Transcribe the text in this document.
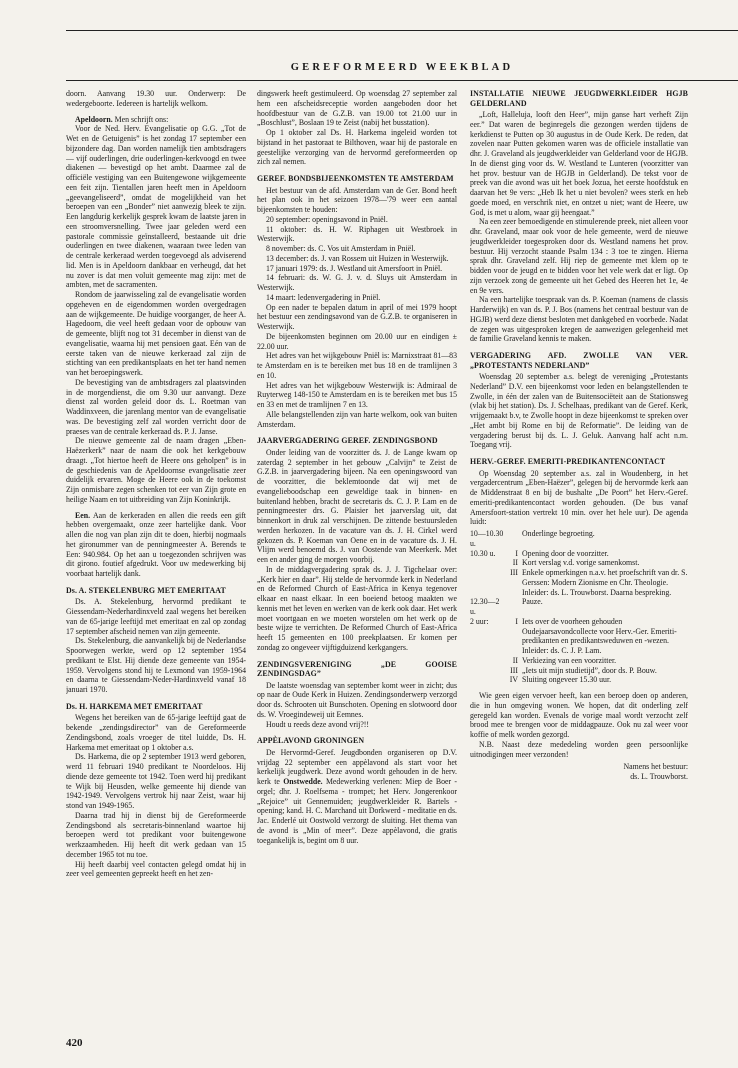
GEREFORMEERD WEEKBLAD

doorn. Aanvang 19.30 uur. Onderwerp: De wedergeboorte. Iedereen is hartelijk welkom.

Apeldoorn. Men schrijft ons:

Voor de Ned. Herv. Evangelisatie op G.G. „Tot de Wet en de Getuigenis” is het zondag 17 september een bijzondere dag. Dan worden namelijk tien ambtsdragers — vijf ouderlingen, drie ouderlingen-kerkvoogd en twee diakenen — bevestigd op het ambt. Daarmee zal de officiële vestiging van een Buitengewone wijkgemeente een feit zijn. Tientallen jaren heeft men in Apeldoorn „geevangeliseerd”, omdat de mogelijkheid van het beroepen van een „Bonder” niet aanwezig bleek te zijn. Een langdurig kerkelijk gesprek kwam de laatste jaren in een stroomversnelling. Twee jaar geleden werd een pastorale commissie geïnstalleerd, bestaande uit drie ouderlingen en twee diakenen, waaraan twee leden van de centrale kerkeraad werden toegevoegd als adviserend lid. Men is in Apeldoorn dankbaar en verheugd, dat het nu zover is dat men voluit gemeente mag zijn: met de ambten, met de sacramenten.

Rondom de jaarwisseling zal de evangelisatie worden opgeheven en de eigendommen worden overgedragen aan de wijkgemeente. De huidige voorganger, de heer A. Hagedoorn, die veel heeft gedaan voor de opbouw van de gemeente, blijft nog tot 31 december in dienst van de evangelisatie, waarna hij met pensioen gaat. Eén van de eerste taken van de nieuwe kerkeraad zal zijn de stichting van een predikantsplaats en het ter hand nemen van het beroepingswerk.

De bevestiging van de ambtsdragers zal plaatsvinden in de morgendienst, die om 9.30 uur aanvangt. Deze dienst zal worden geleid door ds. L. Roetman van Waddinxveen, die jarenlang mentor van de evangelisatie was. De bevestiging zelf zal worden verricht door de praeses van de centrale kerkeraad ds. P. J. Janse.

De nieuwe gemeente zal de naam dragen „Eben-Haëzerkerk” naar de naam die ook het kerkgebouw draagt. „Tot hiertoe heeft de Heere ons geholpen” is in de geschiedenis van de Apeldoornse evangelisatie zeer duidelijk ervaren. Moge de Heere ook in de toekomst Zijn onmisbare zegen schenken tot eer van Zijn grote en heilige Naam en tot uitbreiding van Zijn Koninkrijk.

Een. Aan de kerkeraden en allen die reeds een gift hebben overgemaakt, onze zeer hartelijke dank. Voor allen die nog van plan zijn dit te doen, hierbij nogmaals het gironummer van de penningmeester A. Berends te Een: 940.984. Op het aan u toegezonden schrijven was dit girono. foutief afgedrukt. Voor uw medewerking bij voorbaat hartelijk dank.

Ds. A. STEKELENBURG MET EMERITAAT

Ds. A. Stekelenburg, hervormd predikant te Giessendam-Nederhardinxveld zaal wegens het bereiken van de 65-jarige leeftijd met emeritaat en zal op zondag 17 september afscheid nemen van zijn gemeente.

Ds. Stekelenburg, die aanvankelijk bij de Nederlandse Spoorwegen werkte, werd op 12 september 1954 predikant te Elst. Hij diende deze gemeente van 1954-1959. Vervolgens stond hij te Lexmond van 1959-1964 en daarna te Giessendam-Neder-Hardinxveld vanaf 18 januari 1970.

Ds. H. HARKEMA MET EMERITAAT

Wegens het bereiken van de 65-jarige leeftijd gaat de bekende „zendingsdirector” van de Gereformeerde Zendingsbond, zoals vroeger de titel luidde, Ds. H. Harkema met emeritaat op 1 oktober a.s.

Ds. Harkema, die op 2 september 1913 werd geboren, werd 11 februari 1940 predikant te Noordeloos. Hij diende deze gemeente tot 1942. Toen werd hij predikant te Wijk bij Heusden, welke gemeente hij diende van 1942-1949. Vervolgens vertrok hij naar Zeist, waar hij stond van 1949-1965.

Daarna trad hij in dienst bij de Gereformeerde Zendingsbond als secretaris-binnenland waartoe hij beroepen werd tot predikant voor buitengewone werkzaamheden. Hij heeft dit werk gedaan van 15 december 1965 tot nu toe.

Hij heeft daarbij veel contacten gelegd omdat hij in zeer veel gemeenten gepreekt heeft en het zen-

dingswerk heeft gestimuleerd. Op woensdag 27 september zal hem een afscheidsreceptie worden aangeboden door het hoofdbestuur van de G.Z.B. van 19.00 tot 21.00 uur in „Boschlust”, Boslaan 19 te Zeist (nabij het busstation).

Op 1 oktober zal Ds. H. Harkema ingeleid worden tot bijstand in het pastoraat te Bilthoven, waar hij de pastorale en geestelijke verzorging van de hervormd gereformeerden op zich zal nemen.

GEREF. BONDSBIJEENKOMSTEN TE AMSTERDAM

Het bestuur van de afd. Amsterdam van de Ger. Bond heeft het plan ook in het seizoen 1978—'79 weer een aantal bijeenkomsten te houden:

20 september: openingsavond in Pniël.

11 oktober: ds. H. W. Riphagen uit Westbroek in Westerwijk.

8 november: ds. C. Vos uit Amsterdam in Pniël.

13 december: ds. J. van Rossem uit Huizen in Westerwijk.

17 januari 1979: ds. J. Westland uit Amersfoort in Pniël.

14 februari: ds. W. G. J. v. d. Sluys uit Amsterdam in Westerwijk.

14 maart: ledenvergadering in Pniël.

Op een nader te bepalen datum in april of mei 1979 hoopt het bestuur een zendingsavond van de G.Z.B. te organiseren in Westerwijk.

De bijeenkomsten beginnen om 20.00 uur en eindigen ± 22.00 uur.

Het adres van het wijkgebouw Pniël is: Marnixstraat 81—83 te Amsterdam en is te bereiken met bus 18 en de tramlijnen 3 en 10.

Het adres van het wijkgebouw Westerwijk is: Admiraal de Ruyterweg 148-150 te Amsterdam en is te bereiken met bus 15 en 33 en met de tramlijnen 7 en 13.

Alle belangstellenden zijn van harte welkom, ook van buiten Amsterdam.

JAARVERGADERING GEREF. ZENDINGSBOND

Onder leiding van de voorzitter ds. J. de Lange kwam op zaterdag 2 september in het gebouw „Calvijn” te Zeist de G.Z.B. in jaarvergadering bijeen. Na een openingswoord van de voorzitter, die beklemtoonde dat wij met de evangelieboodschap een geweldige taak in binnen- en buitenland hebben, bracht de secretaris ds. C. J. P. Lam en de penningmeester drs. G. Plaisier het jaarverslag uit, dat binnenkort in druk zal verschijnen. De zittende bestuursleden werden herkozen. In de vacature van ds. J. H. Cirkel werd gekozen ds. P. Koeman van Oene en in de vacature ds. J. H. Vlijm werd benoemd ds. J. van Oostende van Meerkerk. Met een en ander ging de morgen voorbij.

In de middagvergadering sprak ds. J. J. Tigchelaar over: „Kerk hier en daar”. Hij stelde de hervormde kerk in Nederland en de Reformed Church of East-Africa in Kenya tegenover elkaar en naast elkaar. In een boeiend betoog maakten we kennis met het leven en werken van de kerk ook daar. Het werk moet voortgaan en we moeten worstelen om het werk op de beste wijze te verrichten. De Reformed Church of East-Africa heeft 15 gemeenten en 100 preekplaatsen. Er komen per zondag zo ongeveer vijftigduizend kerkgangers.

ZENDINGSVERENIGING „DE GOOISE ZENDINGSDAG”

De laatste woensdag van september komt weer in zicht; dus op naar de Oude Kerk in Huizen. Zendingsonderwerp verzorgd door ds. Schrooten uit Bunschoten. Opening en slotwoord door ds. W. Vroegindeweij uit Eemnes.

Houdt u reeds deze avond vrij?!!

APPÈLAVOND GRONINGEN

De Hervormd-Geref. Jeugdbonden organiseren op D.V. vrijdag 22 september een appèlavond als start voor het kerkelijk jeugdwerk. Deze avond wordt gehouden in de herv. kerk te Onstwedde. Medewerking verlenen: Miep de Boer - orgel; dhr. J. Roelfsema - trompet; het Herv. Jongerenkoor „Rejoice” uit Gennemuiden; jeugdwerkleider R. Bartels - opening; kand. H. C. Marchand uit Dorkwerd - meditatie en ds. Jac. Enderlé uit Oostwold verzorgt de sluiting. Het thema van de avond is „Min of meer”. Deze appèlavond, die gratis toegankelijk is, begint om 8 uur.

INSTALLATIE NIEUWE JEUGDWERKLEIDER HGJB GELDERLAND

„Loft, Halleluja, looft den Heer”, mijn ganse hart verheft Zijn eer.” Dat waren de beginregels die gezongen werden tijdens de kerkdienst te Putten op 30 augustus in de Oude Kerk. De reden, dat zovelen naar Putten gekomen waren was de officiele installatie van dhr. J. Graveland als jeugdwerkleider van Gelderland voor de HGJB. In de dienst ging voor ds. W. Westland te Lunteren (voorzitter van het prov. bestuur van de HGJB in Gelderland). De tekst voor de preek van die avond was uit het boek Jozua, het eerste hoofdstuk en daarvan het 9e vers: „Heb Ik het u niet bevolen? wees sterk en heb goede moed, en verschrik niet, en ontzet u niet; want de Heere, uw God, is met u alom, waar gij heengaat.”

Na een zeer bemoedigende en stimulerende preek, niet alleen voor dhr. Graveland, maar ook voor de hele gemeente, werd de nieuwe jeugdwerkleider toegesproken door ds. Westland namens het prov. bestuur. Hij verzocht staande Psalm 134 : 3 toe te zingen. Hierna sprak dhr. Graveland zelf. Hij riep de gemeente met klem op te bidden voor de jeugd en te bidden voor het vele werk dat er ligt. Op zijn verzoek zong de gemeente uit het Gebed des Heeren het 1e, 4e en 9e vers.

Na een hartelijke toespraak van ds. P. Koeman (namens de classis Harderwijk) en van ds. P. J. Bos (namens het centraal bestuur van de HGJB) werd deze dienst besloten met dankgebed en voorbede. Nadat de zegen was uitgesproken kregen de aanwezigen gelegenheid met de familie Graveland kennis te maken.

VERGADERING AFD. ZWOLLE VAN VER. „PROTESTANTS NEDERLAND”

Woensdag 20 september a.s. belegt de vereniging „Protestants Nederland” D.V. een bijeenkomst voor leden en belangstellenden te Zwolle, in één der zalen van de Buitensociëteit aan de Stationsweg (vlak bij het station). Ds. J. Schelhaas, predikant van de Geref. Kerk, vrijgemaakt b.v, te Zwolle hoopt in deze bijeenkomst te spreken over „Het ambt bij Rome en bij de Reformatie”. De leiding van de vergadering berust bij ds. L. J. Geluk. Aanvang half acht n.m. Toegang vrij.

HERV.-GEREF. EMERITI-PREDIKANTENCONTACT

Op Woensdag 20 september a.s. zal in Woudenberg, in het vergadercentrum „Eben-Haëzer”, gelegen bij de hervormde kerk aan de Middenstraat 8 en bij de bushalte „De Poort” het Herv.-Geref. emeriti-predikantencontact worden gehouden. (De bus vanaf Amersfoort-station vertrekt 10 min. over het hele uur). De agenda luidt:

10—10.30 u.
Onderlinge begroeting.
10.30 u.	I Opening door de voorzitter.
II Kort verslag v.d. vorige samenkomst.
III Enkele opmerkingen n.a.v. het proefschrift van dr. S. Gerssen: Modern Zionisme en Chr. Theologie. Inleider: ds. L. Trouwborst. Daarna bespreking.
12.30—2 u.
Pauze.
2 uur:	I Iets over de voorheen gehouden Oudejaarsavondcollecte voor Herv.-Ger. Emeriti-predikanten en predikantsweduwen en -wezen. Inleider: ds. C. J. P. Lam.
II Verkiezing van een voorzitter.
III „Iets uit mijn studietijd”, door ds. P. Bouw.
IV Sluiting ongeveer 15.30 uur.

Wie geen eigen vervoer heeft, kan een beroep doen op anderen, die in hun omgeving wonen. We hopen, dat dit onderling zelf geregeld kan worden. Evenals de vorige maal wordt verzocht zelf brood mee te brengen voor de middagpauze. Ook nu zal weer voor koffie of melk worden gezorgd.

N.B. Naast deze mededeling worden geen persoonlijke uitnodigingen meer verzonden!

Namens het bestuur:
ds. L. Trouwborst.
420
